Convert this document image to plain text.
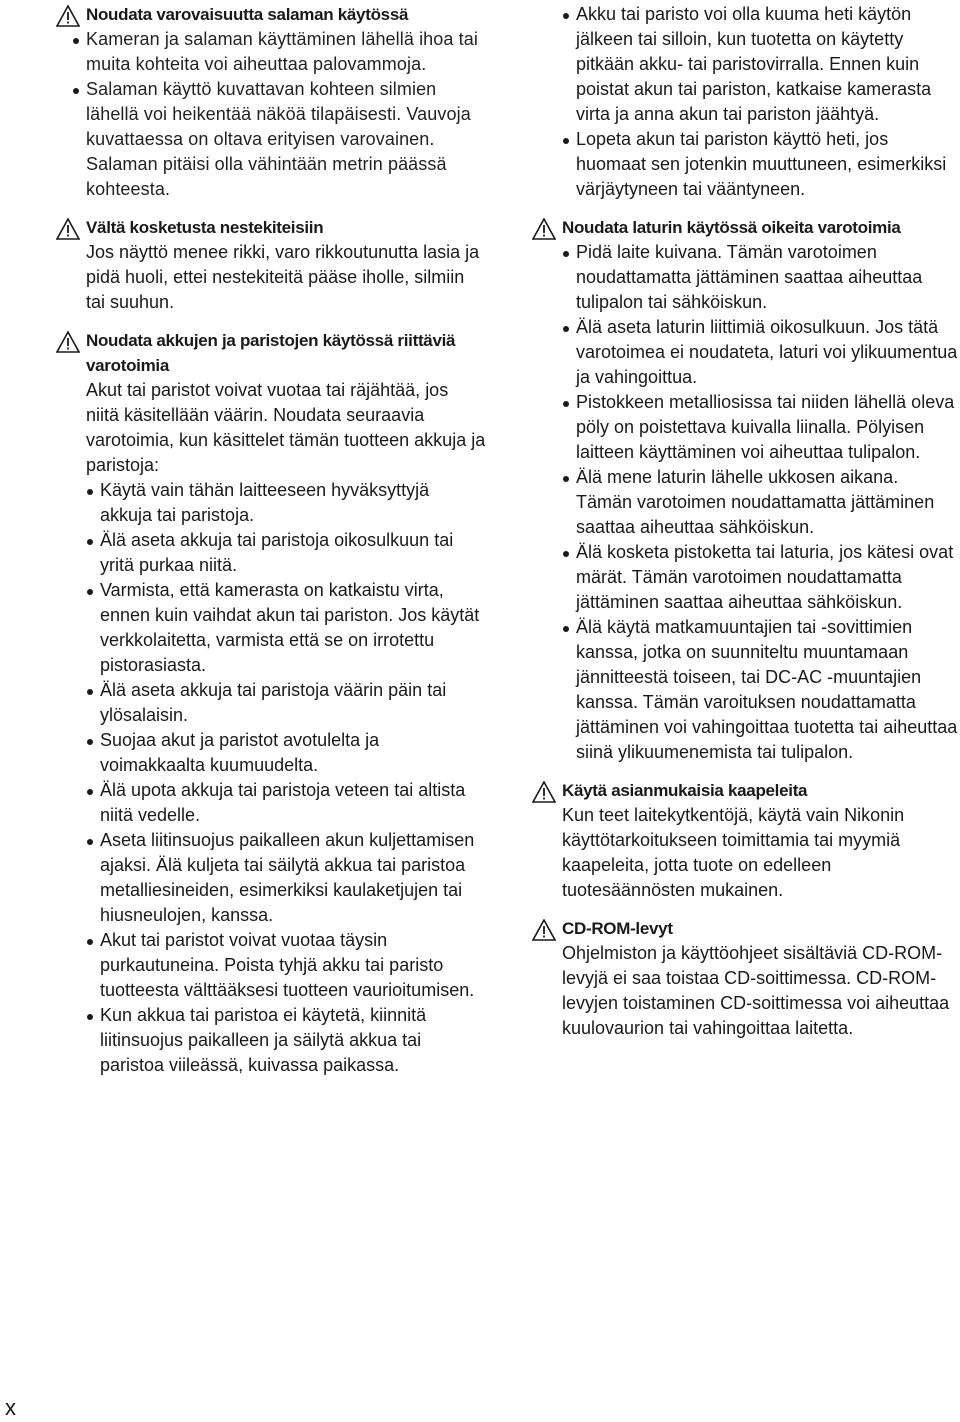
Noudata varovaisuutta salaman käytössä
Kameran ja salaman käyttäminen lähellä ihoa tai muita kohteita voi aiheuttaa palovammoja.
Salaman käyttö kuvattavan kohteen silmien lähellä voi heikentää näköä tilapäisesti. Vauvoja kuvattaessa on oltava erityisen varovainen. Salaman pitäisi olla vähintään metrin päässä kohteesta.
Vältä kosketusta nestekiteisiin

Jos näyttö menee rikki, varo rikkoutunutta lasia ja pidä huoli, ettei nestekiteitä pääse iholle, silmiin tai suuhun.

Noudata akkujen ja paristojen käytössä riittäviä varotoimia

Akut tai paristot voivat vuotaa tai räjähtää, jos niitä käsitellään väärin. Noudata seuraavia varotoimia, kun käsittelet tämän tuotteen akkuja ja paristoja:

Käytä vain tähän laitteeseen hyväksyttyjä akkuja tai paristoja.
Älä aseta akkuja tai paristoja oikosulkuun tai yritä purkaa niitä.
Varmista, että kamerasta on katkaistu virta, ennen kuin vaihdat akun tai pariston. Jos käytät verkkolaitetta, varmista että se on irrotettu pistorasiasta.
Älä aseta akkuja tai paristoja väärin päin tai ylösalaisin.
Suojaa akut ja paristot avotulelta ja voimakkaalta kuumuudelta.
Älä upota akkuja tai paristoja veteen tai altista niitä vedelle.
Aseta liitinsuojus paikalleen akun kuljettamisen ajaksi. Älä kuljeta tai säilytä akkua tai paristoa metalliesineiden, esimerkiksi kaulaketjujen tai hiusneulojen, kanssa.
Akut tai paristot voivat vuotaa täysin purkautuneina. Poista tyhjä akku tai paristo tuotteesta välttääksesi tuotteen vaurioitumisen.
Kun akkua tai paristoa ei käytetä, kiinnitä liitinsuojus paikalleen ja säilytä akkua tai paristoa viileässä, kuivassa paikassa.
Akku tai paristo voi olla kuuma heti käytön jälkeen tai silloin, kun tuotetta on käytetty pitkään akku- tai paristovirralla. Ennen kuin poistat akun tai pariston, katkaise kamerasta virta ja anna akun tai pariston jäähtyä.
Lopeta akun tai pariston käyttö heti, jos huomaat sen jotenkin muuttuneen, esimerkiksi värjäytyneen tai vääntyneen.
Noudata laturin käytössä oikeita varotoimia
Pidä laite kuivana. Tämän varotoimen noudattamatta jättäminen saattaa aiheuttaa tulipalon tai sähköiskun.
Älä aseta laturin liittimiä oikosulkuun. Jos tätä varotoimea ei noudateta, laturi voi ylikuumentua ja vahingoittua.
Pistokkeen metalliosissa tai niiden lähellä oleva pöly on poistettava kuivalla liinalla. Pölyisen laitteen käyttäminen voi aiheuttaa tulipalon.
Älä mene laturin lähelle ukkosen aikana. Tämän varotoimen noudattamatta jättäminen saattaa aiheuttaa sähköiskun.
Älä kosketa pistoketta tai laturia, jos kätesi ovat märät. Tämän varotoimen noudattamatta jättäminen saattaa aiheuttaa sähköiskun.
Älä käytä matkamuuntajien tai -sovittimien kanssa, jotka on suunniteltu muuntamaan jännitteestä toiseen, tai DC-AC -muuntajien kanssa. Tämän varoituksen noudattamatta jättäminen voi vahingoittaa tuotetta tai aiheuttaa siinä ylikuumenemista tai tulipalon.
Käytä asianmukaisia kaapeleita

Kun teet laitekytkentöjä, käytä vain Nikonin käyttötarkoitukseen toimittamia tai myymiä kaapeleita, jotta tuote on edelleen tuotesäännösten mukainen.

CD-ROM-levyt

Ohjelmiston ja käyttöohjeet sisältäviä CD-ROM-levyjä ei saa toistaa CD-soittimessa. CD-ROM-levyjen toistaminen CD-soittimessa voi aiheuttaa kuulovaurion tai vahingoittaa laitetta.

x
